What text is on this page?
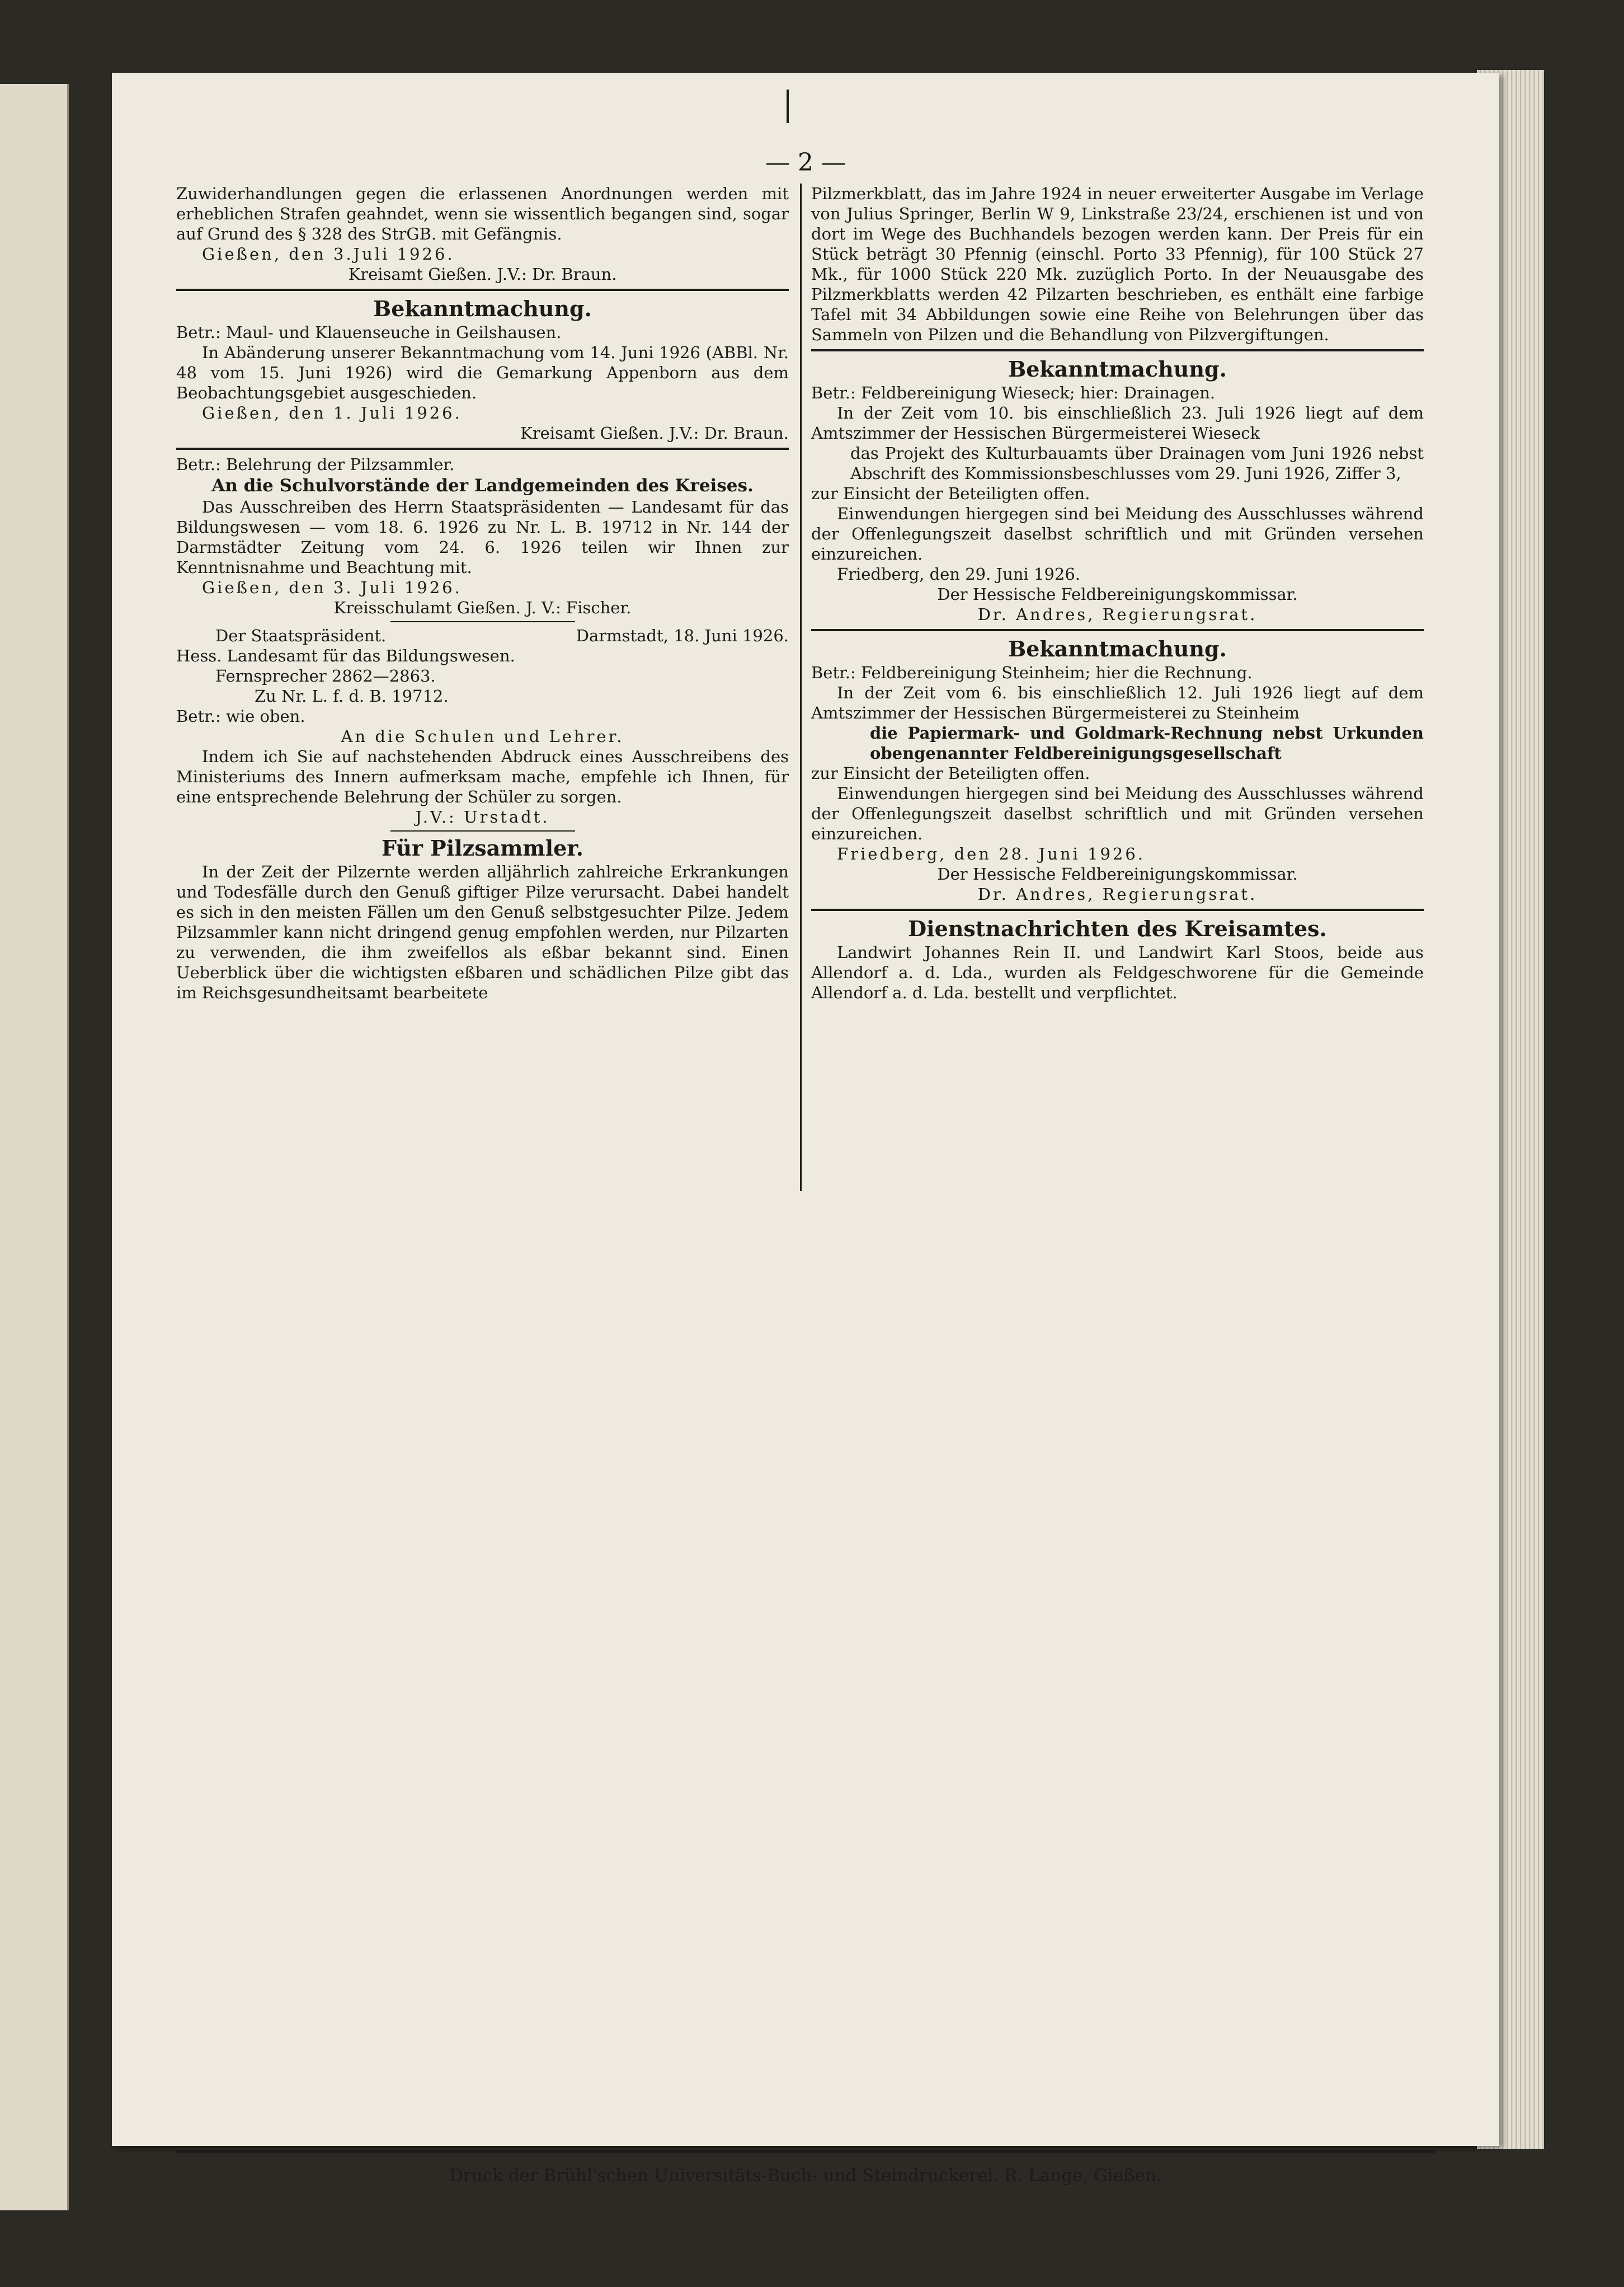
— 2 —

Zuwiderhandlungen gegen die erlassenen Anordnungen werden mit erheblichen Strafen geahndet, wenn sie wissentlich begangen sind, sogar auf Grund des § 328 des StrGB. mit Gefängnis.

Gießen, den 3.Juli 1926.

Kreisamt Gießen. J.V.: Dr. Braun.

Bekanntmachung.

Betr.: Maul- und Klauenseuche in Geilshausen.

In Abänderung unserer Bekanntmachung vom 14. Juni 1926 (ABBl. Nr. 48 vom 15. Juni 1926) wird die Gemarkung Appenborn aus dem Beobachtungsgebiet ausgeschieden.

Gießen, den 1. Juli 1926.

Kreisamt Gießen. J.V.: Dr. Braun.

Betr.: Belehrung der Pilzsammler.

An die Schulvorstände der Landgemeinden des Kreises.

Das Ausschreiben des Herrn Staatspräsidenten — Landesamt für das Bildungswesen — vom 18. 6. 1926 zu Nr. L. B. 19712 in Nr. 144 der Darmstädter Zeitung vom 24. 6. 1926 teilen wir Ihnen zur Kenntnisnahme und Beachtung mit.

Gießen, den 3. Juli 1926.

Kreisschulamt Gießen. J. V.: Fischer.

Der Staatspräsident.	Darmstadt, 18. Juni 1926.

Hess. Landesamt für das Bildungswesen.

Fernsprecher 2862—2863.

Zu Nr. L. f. d. B. 19712.

Betr.: wie oben.

An die Schulen und Lehrer.

Indem ich Sie auf nachstehenden Abdruck eines Ausschreibens des Ministeriums des Innern aufmerksam mache, empfehle ich Ihnen, für eine entsprechende Belehrung der Schüler zu sorgen.

J.V.: Urstadt.

Für Pilzsammler.

In der Zeit der Pilzernte werden alljährlich zahlreiche Erkrankungen und Todesfälle durch den Genuß giftiger Pilze verursacht. Dabei handelt es sich in den meisten Fällen um den Genuß selbstgesuchter Pilze. Jedem Pilzsammler kann nicht dringend genug empfohlen werden, nur Pilzarten zu verwenden, die ihm zweifellos als eßbar bekannt sind. Einen Ueberblick über die wichtigsten eßbaren und schädlichen Pilze gibt das im Reichsgesundheitsamt bearbeitete

Pilzmerkblatt, das im Jahre 1924 in neuer erweiterter Ausgabe im Verlage von Julius Springer, Berlin W 9, Linkstraße 23/24, erschienen ist und von dort im Wege des Buchhandels bezogen werden kann. Der Preis für ein Stück beträgt 30 Pfennig (einschl. Porto 33 Pfennig), für 100 Stück 27 Mk., für 1000 Stück 220 Mk. zuzüglich Porto. In der Neuausgabe des Pilzmerkblatts werden 42 Pilzarten beschrieben, es enthält eine farbige Tafel mit 34 Abbildungen sowie eine Reihe von Belehrungen über das Sammeln von Pilzen und die Behandlung von Pilzvergiftungen.

Bekanntmachung.

Betr.: Feldbereinigung Wieseck; hier: Drainagen.

In der Zeit vom 10. bis einschließlich 23. Juli 1926 liegt auf dem Amtszimmer der Hessischen Bürgermeisterei Wieseck

das Projekt des Kulturbauamts über Drainagen vom Juni 1926 nebst Abschrift des Kommissionsbeschlusses vom 29. Juni 1926, Ziffer 3,

zur Einsicht der Beteiligten offen.

Einwendungen hiergegen sind bei Meidung des Ausschlusses während der Offenlegungszeit daselbst schriftlich und mit Gründen versehen einzureichen.

Friedberg, den 29. Juni 1926.

Der Hessische Feldbereinigungskommissar.

Dr. Andres, Regierungsrat.

Bekanntmachung.

Betr.: Feldbereinigung Steinheim; hier die Rechnung.

In der Zeit vom 6. bis einschließlich 12. Juli 1926 liegt auf dem Amtszimmer der Hessischen Bürgermeisterei zu Steinheim

die Papiermark- und Goldmark-Rechnung nebst Urkunden obengenannter Feldbereinigungsgesellschaft

zur Einsicht der Beteiligten offen.

Einwendungen hiergegen sind bei Meidung des Ausschlusses während der Offenlegungszeit daselbst schriftlich und mit Gründen versehen einzureichen.

Friedberg, den 28. Juni 1926.

Der Hessische Feldbereinigungskommissar.

Dr. Andres, Regierungsrat.

Dienstnachrichten des Kreisamtes.

Landwirt Johannes Rein II. und Landwirt Karl Stoos, beide aus Allendorf a. d. Lda., wurden als Feldgeschworene für die Gemeinde Allendorf a. d. Lda. bestellt und verpflichtet.

Druck der Brühl'schen Universitäts-Buch- und Steindruckerei. R. Lange, Gießen.
